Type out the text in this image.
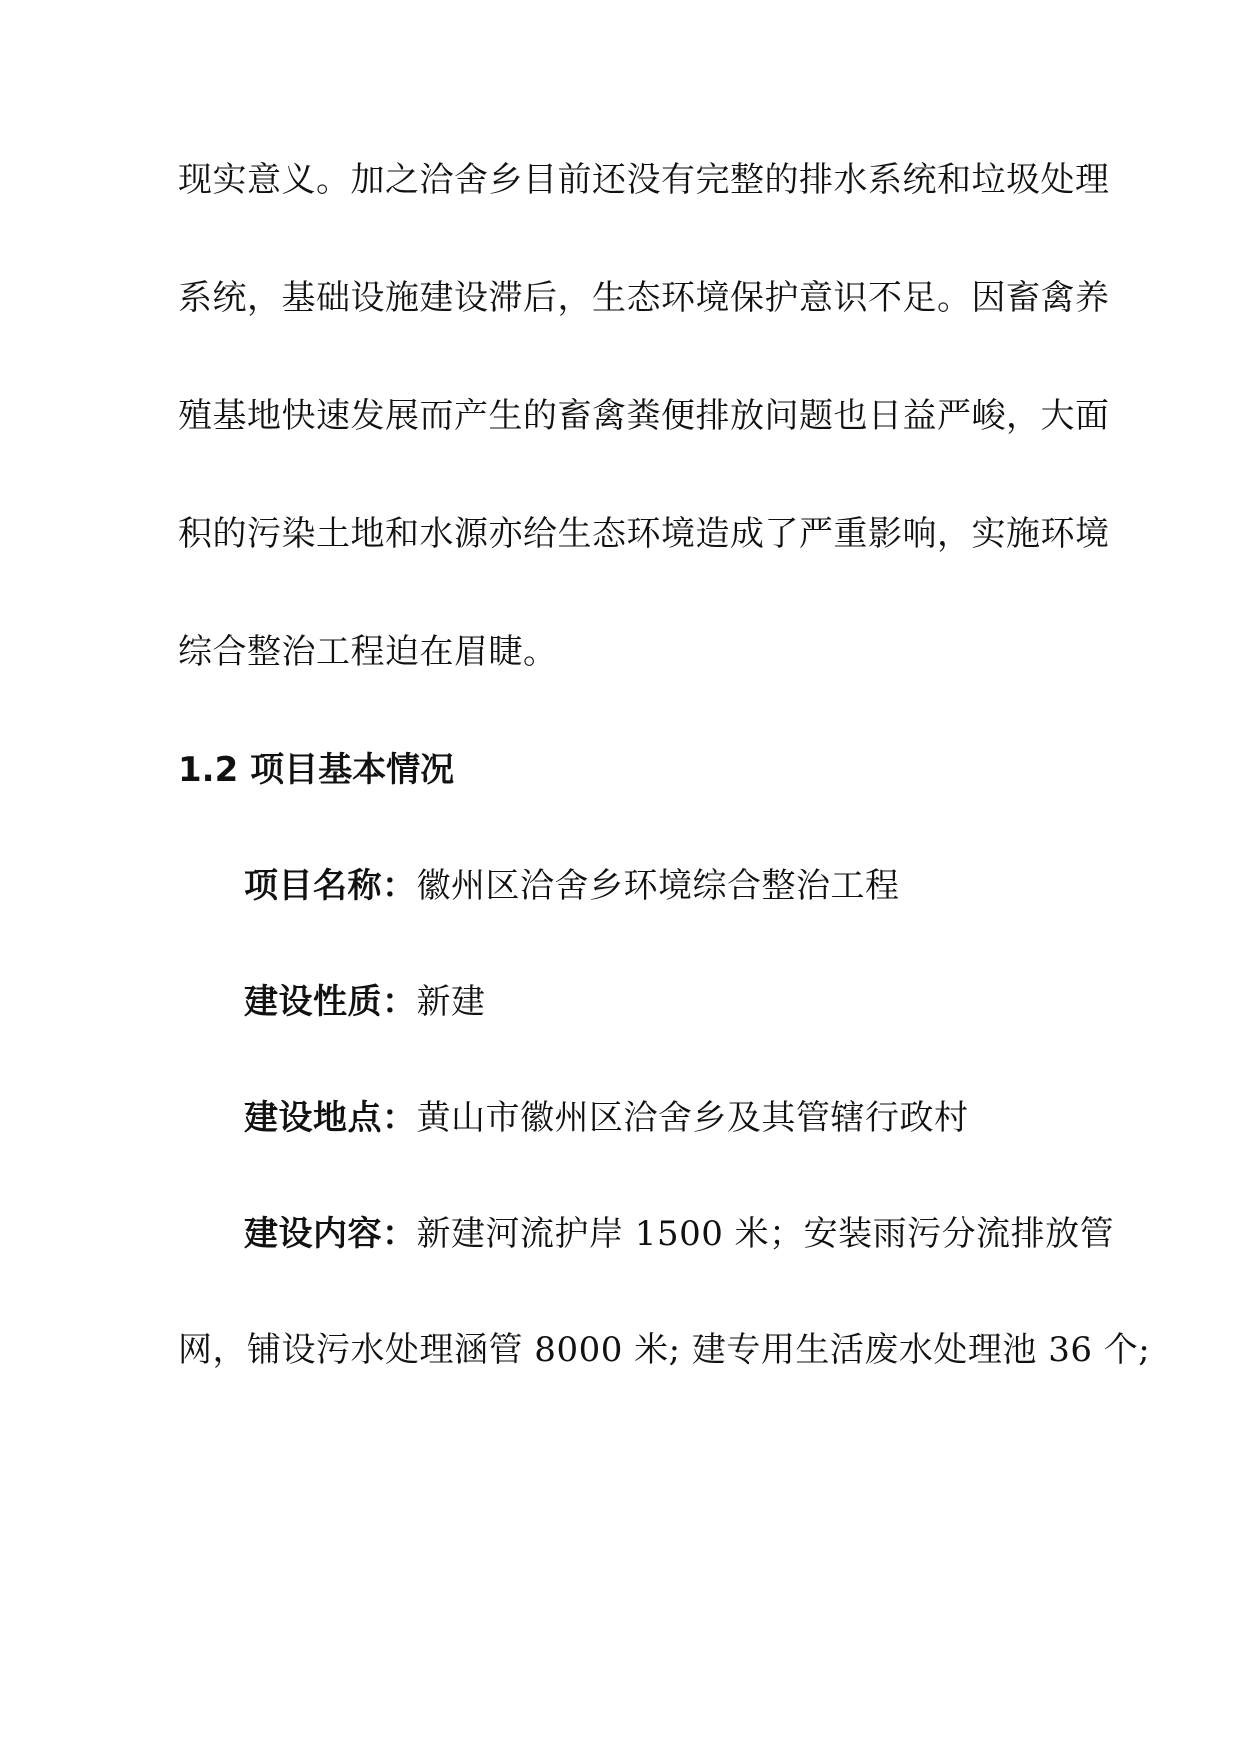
现实意义。加之洽舍乡目前还没有完整的排水系统和垃圾处理
系统，基础设施建设滞后，生态环境保护意识不足。因畜禽养
殖基地快速发展而产生的畜禽粪便排放问题也日益严峻，大面
积的污染土地和水源亦给生态环境造成了严重影响，实施环境
综合整治工程迫在眉睫。
1.2 项目基本情况
项目名称：徽州区洽舍乡环境综合整治工程
建设性质：新建
建设地点：黄山市徽州区洽舍乡及其管辖行政村
建设内容：新建河流护岸 1500 米；安装雨污分流排放管
网，铺设污水处理涵管 8000 米; 建专用生活废水处理池 36 个;
